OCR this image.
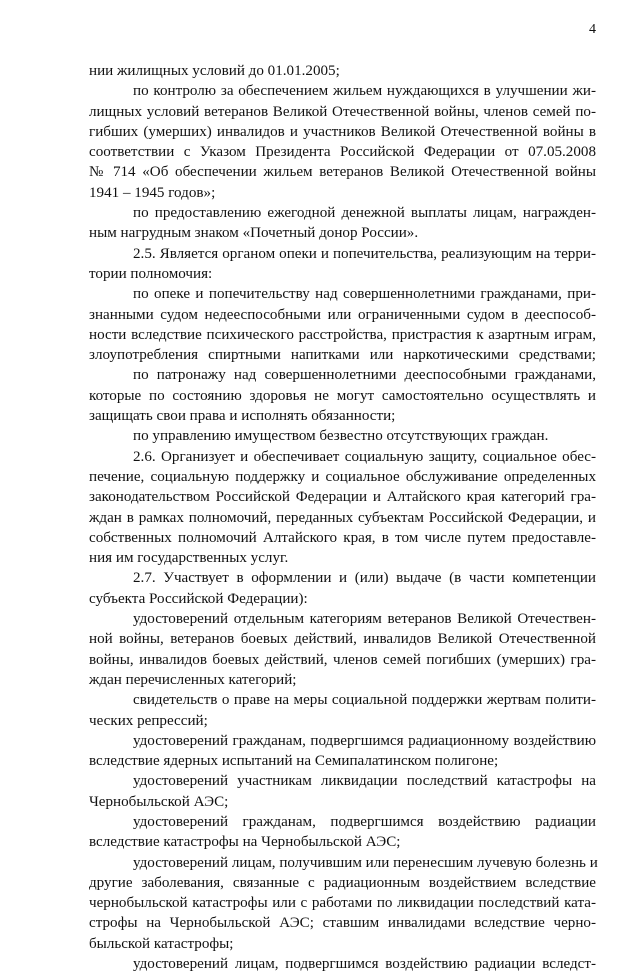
4
нии жилищных условий до 01.01.2005;
по контролю за обеспечением жильем нуждающихся в улучшении жи-
лищных условий ветеранов Великой Отечественной войны, членов семей по-
гибших (умерших) инвалидов и участников Великой Отечественной войны в
соответствии с Указом Президента Российской Федерации от 07.05.2008
№ 714 «Об обеспечении жильем ветеранов Великой Отечественной войны
1941 – 1945 годов»;
по предоставлению ежегодной денежной выплаты лицам, награжден-
ным нагрудным знаком «Почетный донор России».
2.5. Является органом опеки и попечительства, реализующим на терри-
тории полномочия:
по опеке и попечительству над совершеннолетними гражданами, при-
знанными судом недееспособными или ограниченными судом в дееспособ-
ности вследствие психического расстройства, пристрастия к азартным играм,
злоупотребления спиртными напитками или наркотическими средствами;
по патронажу над совершеннолетними дееспособными гражданами,
которые по состоянию здоровья не могут самостоятельно осуществлять и
защищать свои права и исполнять обязанности;
по управлению имуществом безвестно отсутствующих граждан.
2.6. Организует и обеспечивает социальную защиту, социальное обес-
печение, социальную поддержку и социальное обслуживание определенных
законодательством Российской Федерации и Алтайского края категорий гра-
ждан в рамках полномочий, переданных субъектам Российской Федерации, и
собственных полномочий Алтайского края, в том числе путем предоставле-
ния им государственных услуг.
2.7. Участвует в оформлении и (или) выдаче (в части компетенции
субъекта Российской Федерации):
удостоверений отдельным категориям ветеранов Великой Отечествен-
ной войны, ветеранов боевых действий, инвалидов Великой Отечественной
войны, инвалидов боевых действий, членов семей погибших (умерших) гра-
ждан перечисленных категорий;
свидетельств о праве на меры социальной поддержки жертвам полити-
ческих репрессий;
удостоверений гражданам, подвергшимся радиационному воздействию
вследствие ядерных испытаний на Семипалатинском полигоне;
удостоверений участникам ликвидации последствий катастрофы на
Чернобыльской АЭС;
удостоверений гражданам, подвергшимся воздействию радиации
вследствие катастрофы на Чернобыльской АЭС;
удостоверений лицам, получившим или перенесшим лучевую болезнь и
другие заболевания, связанные с радиационным воздействием вследствие
чернобыльской катастрофы или с работами по ликвидации последствий ката-
строфы на Чернобыльской АЭС; ставшим инвалидами вследствие черно-
быльской катастрофы;
удостоверений лицам, подвергшимся воздействию радиации вследст-
